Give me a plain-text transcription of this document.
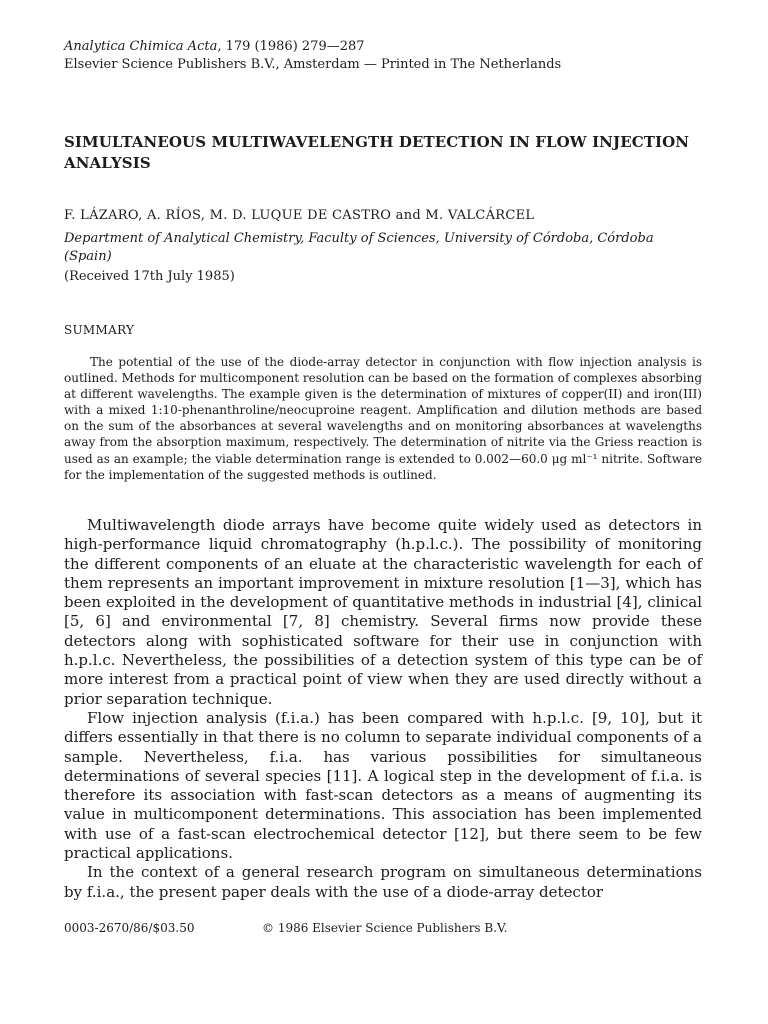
Analytica Chimica Acta, 179 (1986) 279—287
Elsevier Science Publishers B.V., Amsterdam — Printed in The Netherlands
SIMULTANEOUS MULTIWAVELENGTH DETECTION IN FLOW INJECTION ANALYSIS
F. LÁZARO, A. RÍOS, M. D. LUQUE DE CASTRO and M. VALCÁRCEL
Department of Analytical Chemistry, Faculty of Sciences, University of Córdoba, Córdoba (Spain)
(Received 17th July 1985)
SUMMARY

The potential of the use of the diode-array detector in conjunction with flow injection analysis is outlined. Methods for multicomponent resolution can be based on the formation of complexes absorbing at different wavelengths. The example given is the determination of mixtures of copper(II) and iron(III) with a mixed 1:10-phenanthroline/neocuproine reagent. Amplification and dilution methods are based on the sum of the absorbances at several wavelengths and on monitoring absorbances at wavelengths away from the absorption maximum, respectively. The determination of nitrite via the Griess reaction is used as an example; the viable determination range is extended to 0.002—60.0 μg ml⁻¹ nitrite. Software for the implementation of the suggested methods is outlined.

Multiwavelength diode arrays have become quite widely used as detectors in high-performance liquid chromatography (h.p.l.c.). The possibility of monitoring the different components of an eluate at the characteristic wavelength for each of them represents an important improvement in mixture resolution [1—3], which has been exploited in the development of quantitative methods in industrial [4], clinical [5, 6] and environmental [7, 8] chemistry. Several firms now provide these detectors along with sophisticated software for their use in conjunction with h.p.l.c. Nevertheless, the possibilities of a detection system of this type can be of more interest from a practical point of view when they are used directly without a prior separation technique.

Flow injection analysis (f.i.a.) has been compared with h.p.l.c. [9, 10], but it differs essentially in that there is no column to separate individual components of a sample. Nevertheless, f.i.a. has various possibilities for simultaneous determinations of several species [11]. A logical step in the development of f.i.a. is therefore its association with fast-scan detectors as a means of augmenting its value in multicomponent determinations. This association has been implemented with use of a fast-scan electrochemical detector [12], but there seem to be few practical applications.

In the context of a general research program on simultaneous determinations by f.i.a., the present paper deals with the use of a diode-array detector

0003-2670/86/$03.50	© 1986 Elsevier Science Publishers B.V.
